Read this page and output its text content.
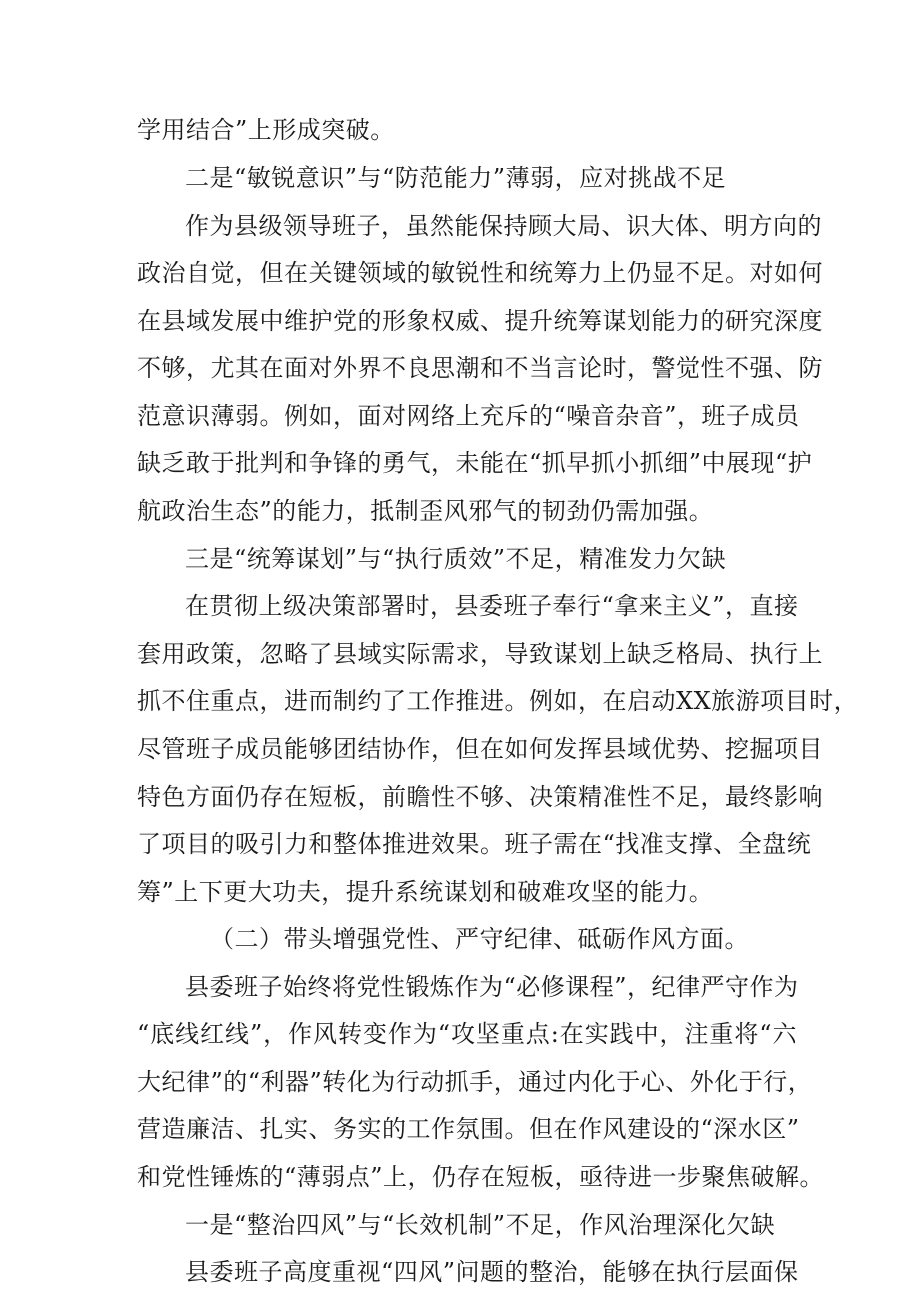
学用结合”上形成突破。
二是“敏锐意识”与“防范能力”薄弱，应对挑战不足
作为县级领导班子，虽然能保持顾大局、识大体、明方向的
政治自觉，但在关键领域的敏锐性和统筹力上仍显不足。对如何
在县域发展中维护党的形象权威、提升统筹谋划能力的研究深度
不够，尤其在面对外界不良思潮和不当言论时，警觉性不强、防
范意识薄弱。例如，面对网络上充斥的“噪音杂音”，班子成员
缺乏敢于批判和争锋的勇气，未能在“抓早抓小抓细”中展现“护
航政治生态”的能力，抵制歪风邪气的韧劲仍需加强。
三是“统筹谋划”与“执行质效”不足，精准发力欠缺
在贯彻上级决策部署时，县委班子奉行“拿来主义”，直接
套用政策，忽略了县域实际需求，导致谋划上缺乏格局、执行上
抓不住重点，进而制约了工作推进。例如，在启动XX旅游项目时，
尽管班子成员能够团结协作，但在如何发挥县域优势、挖掘项目
特色方面仍存在短板，前瞻性不够、决策精准性不足，最终影响
了项目的吸引力和整体推进效果。班子需在“找准支撑、全盘统
筹”上下更大功夫，提升系统谋划和破难攻坚的能力。
（二）带头增强党性、严守纪律、砥砺作风方面。
县委班子始终将党性锻炼作为“必修课程”，纪律严守作为
“底线红线”，作风转变作为“攻坚重点:在实践中，注重将“六
大纪律”的“利器”转化为行动抓手，通过内化于心、外化于行，
营造廉洁、扎实、务实的工作氛围。但在作风建设的“深水区”
和党性锤炼的“薄弱点”上，仍存在短板，亟待进一步聚焦破解。
一是“整治四风”与“长效机制”不足，作风治理深化欠缺
县委班子高度重视“四风”问题的整治，能够在执行层面保
